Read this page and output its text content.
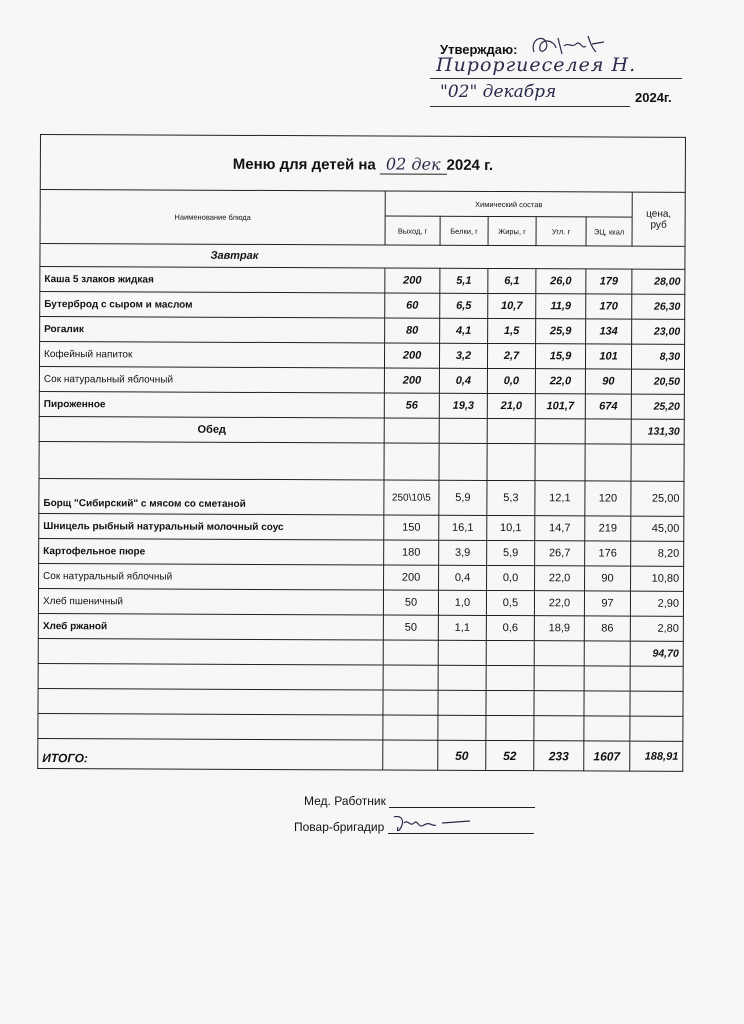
Утверждаю:
Пироргиеселея Н.
"02" декабря	2024г.
Меню для детей на 02 дек 2024 г.						
Наименование блюда	Химический состав					цена, руб
	Выход, г	Белки, г	Жиры, г	Угл. г	ЭЦ, ккал	
Завтрак						
Каша 5 злаков жидкая	200	5,1	6,1	26,0	179	28,00
Бутерброд с сыром и маслом	60	6,5	10,7	11,9	170	26,30
Рогалик	80	4,1	1,5	25,9	134	23,00
Кофейный напиток	200	3,2	2,7	15,9	101	8,30
Сок натуральный яблочный	200	0,4	0,0	22,0	90	20,50
Пироженное	56	19,3	21,0	101,7	674	25,20
Обед						131,30

Борщ "Сибирский" с мясом со сметаной	250\10\5	5,9	5,3	12,1	120	25,00
Шницель рыбный натуральный молочный соус	150	16,1	10,1	14,7	219	45,00
Картофельное пюре	180	3,9	5,9	26,7	176	8,20
Сок натуральный яблочный	200	0,4	0,0	22,0	90	10,80
Хлеб пшеничный	50	1,0	0,5	22,0	97	2,90
Хлеб ржаной	50	1,1	0,6	18,9	86	2,80
						94,70

ИТОГО:		50	52	233	1607	188,91
Мед. Работник
Повар-бригадир
